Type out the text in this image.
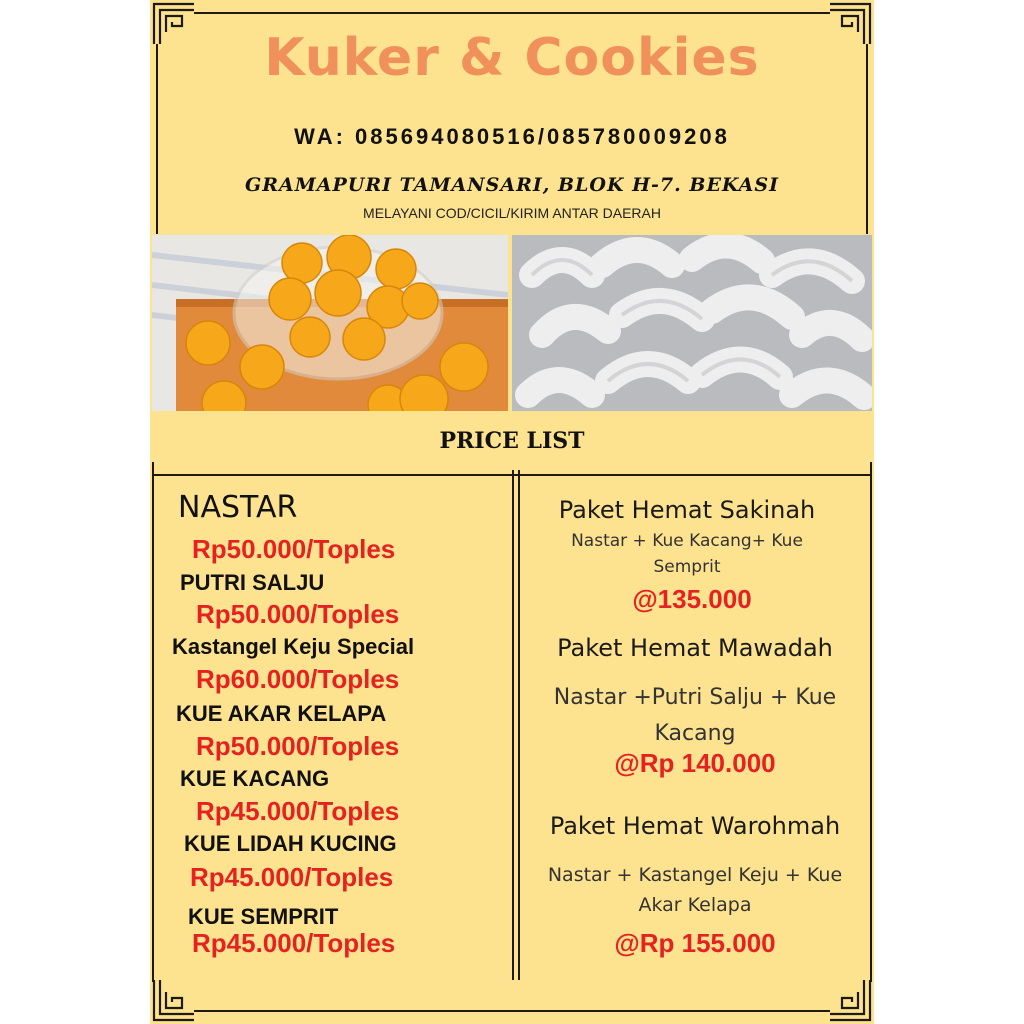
Kuker & Cookies
WA: 085694080516/085780009208
GRAMAPURI TAMANSARI, BLOK H-7. BEKASI
MELAYANI COD/CICIL/KIRIM ANTAR DAERAH
PRICE LIST
NASTAR
Rp50.000/Toples
PUTRI SALJU
Rp50.000/Toples
Kastangel Keju Special
Rp60.000/Toples
KUE AKAR KELAPA
Rp50.000/Toples
KUE KACANG
Rp45.000/Toples
KUE LIDAH KUCING
Rp45.000/Toples
KUE SEMPRIT
Rp45.000/Toples
Paket Hemat Sakinah
Nastar + Kue Kacang+ Kue Semprit
@135.000
Paket Hemat Mawadah
Nastar +Putri Salju + Kue Kacang
@Rp 140.000
Paket Hemat Warohmah
Nastar + Kastangel Keju + Kue Akar Kelapa
@Rp 155.000
